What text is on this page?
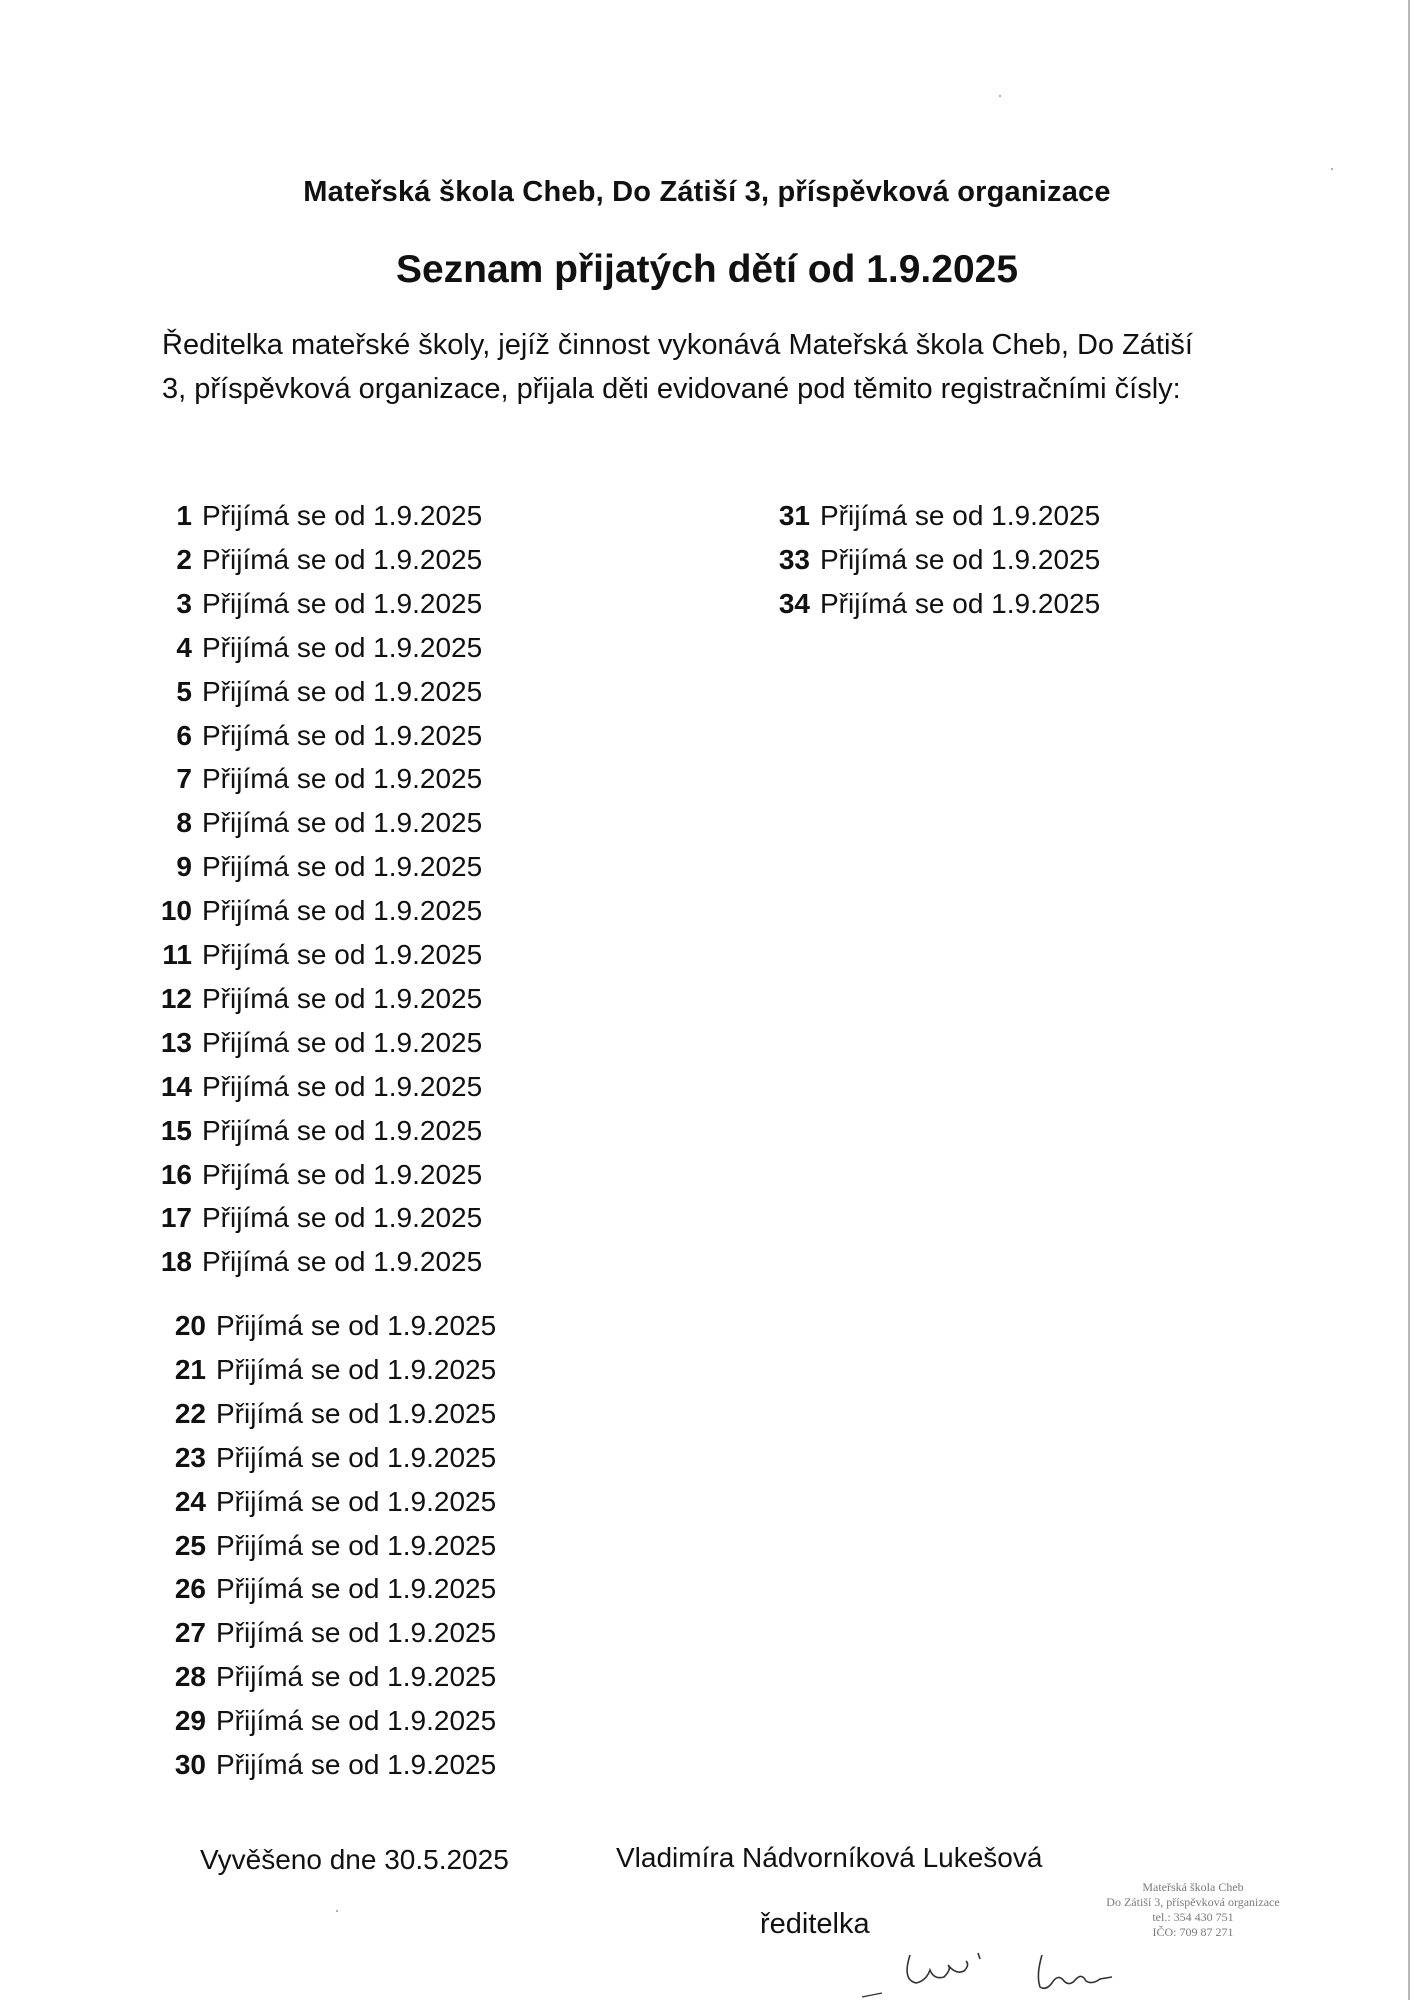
Mateřská škola Cheb, Do Zátiší 3, příspěvková organizace
Seznam přijatých dětí od 1.9.2025
Ředitelka mateřské školy, jejíž činnost vykonává Mateřská škola Cheb, Do Zátiší
3, příspěvková organizace, přijala děti evidované pod těmito registračními čísly:
1 Přijímá se od 1.9.2025
2 Přijímá se od 1.9.2025
3 Přijímá se od 1.9.2025
4 Přijímá se od 1.9.2025
5 Přijímá se od 1.9.2025
6 Přijímá se od 1.9.2025
7 Přijímá se od 1.9.2025
8 Přijímá se od 1.9.2025
9 Přijímá se od 1.9.2025
10 Přijímá se od 1.9.2025
11 Přijímá se od 1.9.2025
12 Přijímá se od 1.9.2025
13 Přijímá se od 1.9.2025
14 Přijímá se od 1.9.2025
15 Přijímá se od 1.9.2025
16 Přijímá se od 1.9.2025
17 Přijímá se od 1.9.2025
18 Přijímá se od 1.9.2025
20 Přijímá se od 1.9.2025
21 Přijímá se od 1.9.2025
22 Přijímá se od 1.9.2025
23 Přijímá se od 1.9.2025
24 Přijímá se od 1.9.2025
25 Přijímá se od 1.9.2025
26 Přijímá se od 1.9.2025
27 Přijímá se od 1.9.2025
28 Přijímá se od 1.9.2025
29 Přijímá se od 1.9.2025
30 Přijímá se od 1.9.2025
31 Přijímá se od 1.9.2025
33 Přijímá se od 1.9.2025
34 Přijímá se od 1.9.2025
Vyvěšeno dne 30.5.2025	Vladimíra Nádvorníková Lukešová
ředitelka
Mateřská škola Cheb
Do Zátiší 3, příspěvková organizace
tel.: 354 430 751
IČO: 709 87 271
